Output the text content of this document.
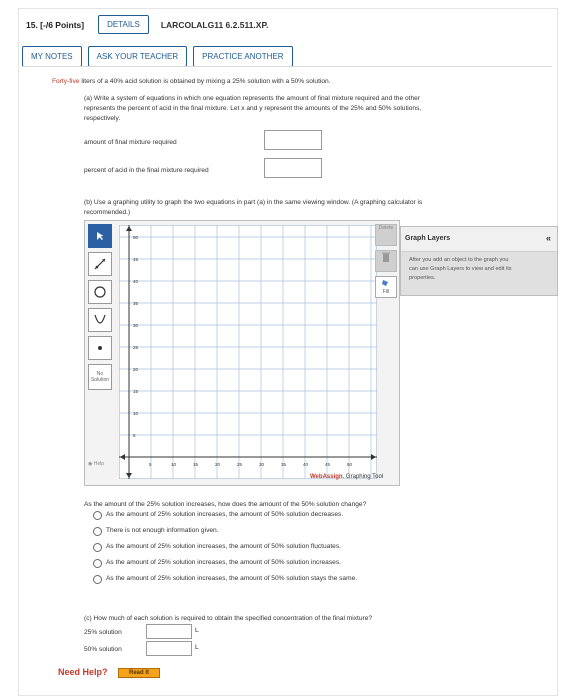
15. [-/6 Points]	DETAILS	LARCOLALG11 6.2.511.XP.
MY NOTES	ASK YOUR TEACHER	PRACTICE ANOTHER
Forty-five liters of a 40% acid solution is obtained by mixing a 25% solution with a 50% solution.
(a) Write a system of equations in which one equation represents the amount of final mixture required and the other
represents the percent of acid in the final mixture. Let x and y represent the amounts of the 25% and 50% solutions,
respectively.
amount of final mixture required
percent of acid in the final mixture required
(b) Use a graphing utility to graph the two equations in part (a) in the same viewing window. (A graphing calculator is
recommended.)
No Solution
◉ Help
5
10
15
20
25
30
35
40
45
50
5	10	15	20	25	30	35	40	45	50
Delete
Fill
WebAssign. Graphing Tool
Graph Layers	«
After you add an object to the graph you
can use Graph Layers to view and edit its
properties.
As the amount of the 25% solution increases, how does the amount of the 50% solution change?
As the amount of 25% solution increases, the amount of 50% solution decreases.
There is not enough information given.
As the amount of 25% solution increases, the amount of 50% solution fluctuates.
As the amount of 25% solution increases, the amount of 50% solution increases.
As the amount of 25% solution increases, the amount of 50% solution stays the same.
(c) How much of each solution is required to obtain the specified concentration of the final mixture?
25% solution	L
50% solution	L
Need Help?	Read It
